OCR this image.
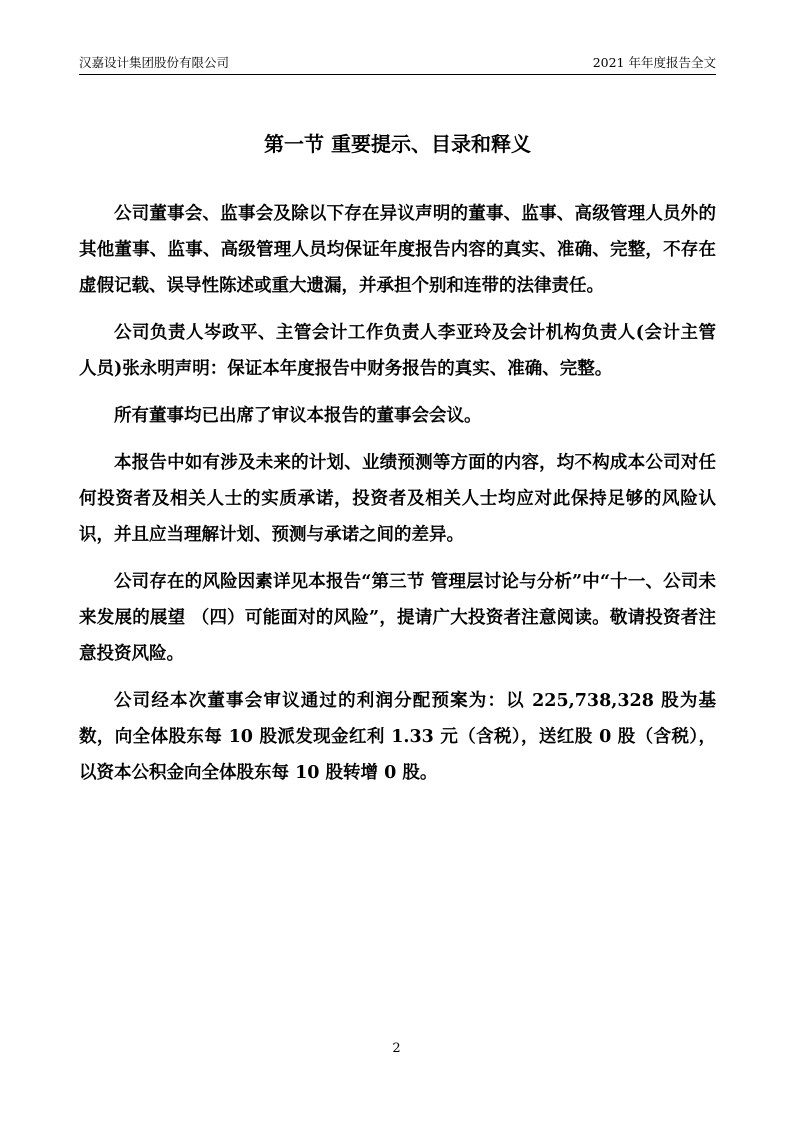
汉嘉设计集团股份有限公司	2021 年年度报告全文
第一节 重要提示、目录和释义

公司董事会、监事会及除以下存在异议声明的董事、监事、高级管理人员外的其他董事、监事、高级管理人员均保证年度报告内容的真实、准确、完整，不存在虚假记载、误导性陈述或重大遗漏，并承担个别和连带的法律责任。

公司负责人岑政平、主管会计工作负责人李亚玲及会计机构负责人(会计主管人员)张永明声明：保证本年度报告中财务报告的真实、准确、完整。

所有董事均已出席了审议本报告的董事会会议。

本报告中如有涉及未来的计划、业绩预测等方面的内容，均不构成本公司对任何投资者及相关人士的实质承诺，投资者及相关人士均应对此保持足够的风险认识，并且应当理解计划、预测与承诺之间的差异。

公司存在的风险因素详见本报告“第三节 管理层讨论与分析”中“十一、公司未来发展的展望 （四）可能面对的风险”，提请广大投资者注意阅读。敬请投资者注意投资风险。

公司经本次董事会审议通过的利润分配预案为：以 225,738,328 股为基数，向全体股东每 10 股派发现金红利 1.33 元（含税），送红股 0 股（含税），以资本公积金向全体股东每 10 股转增 0 股。

2
